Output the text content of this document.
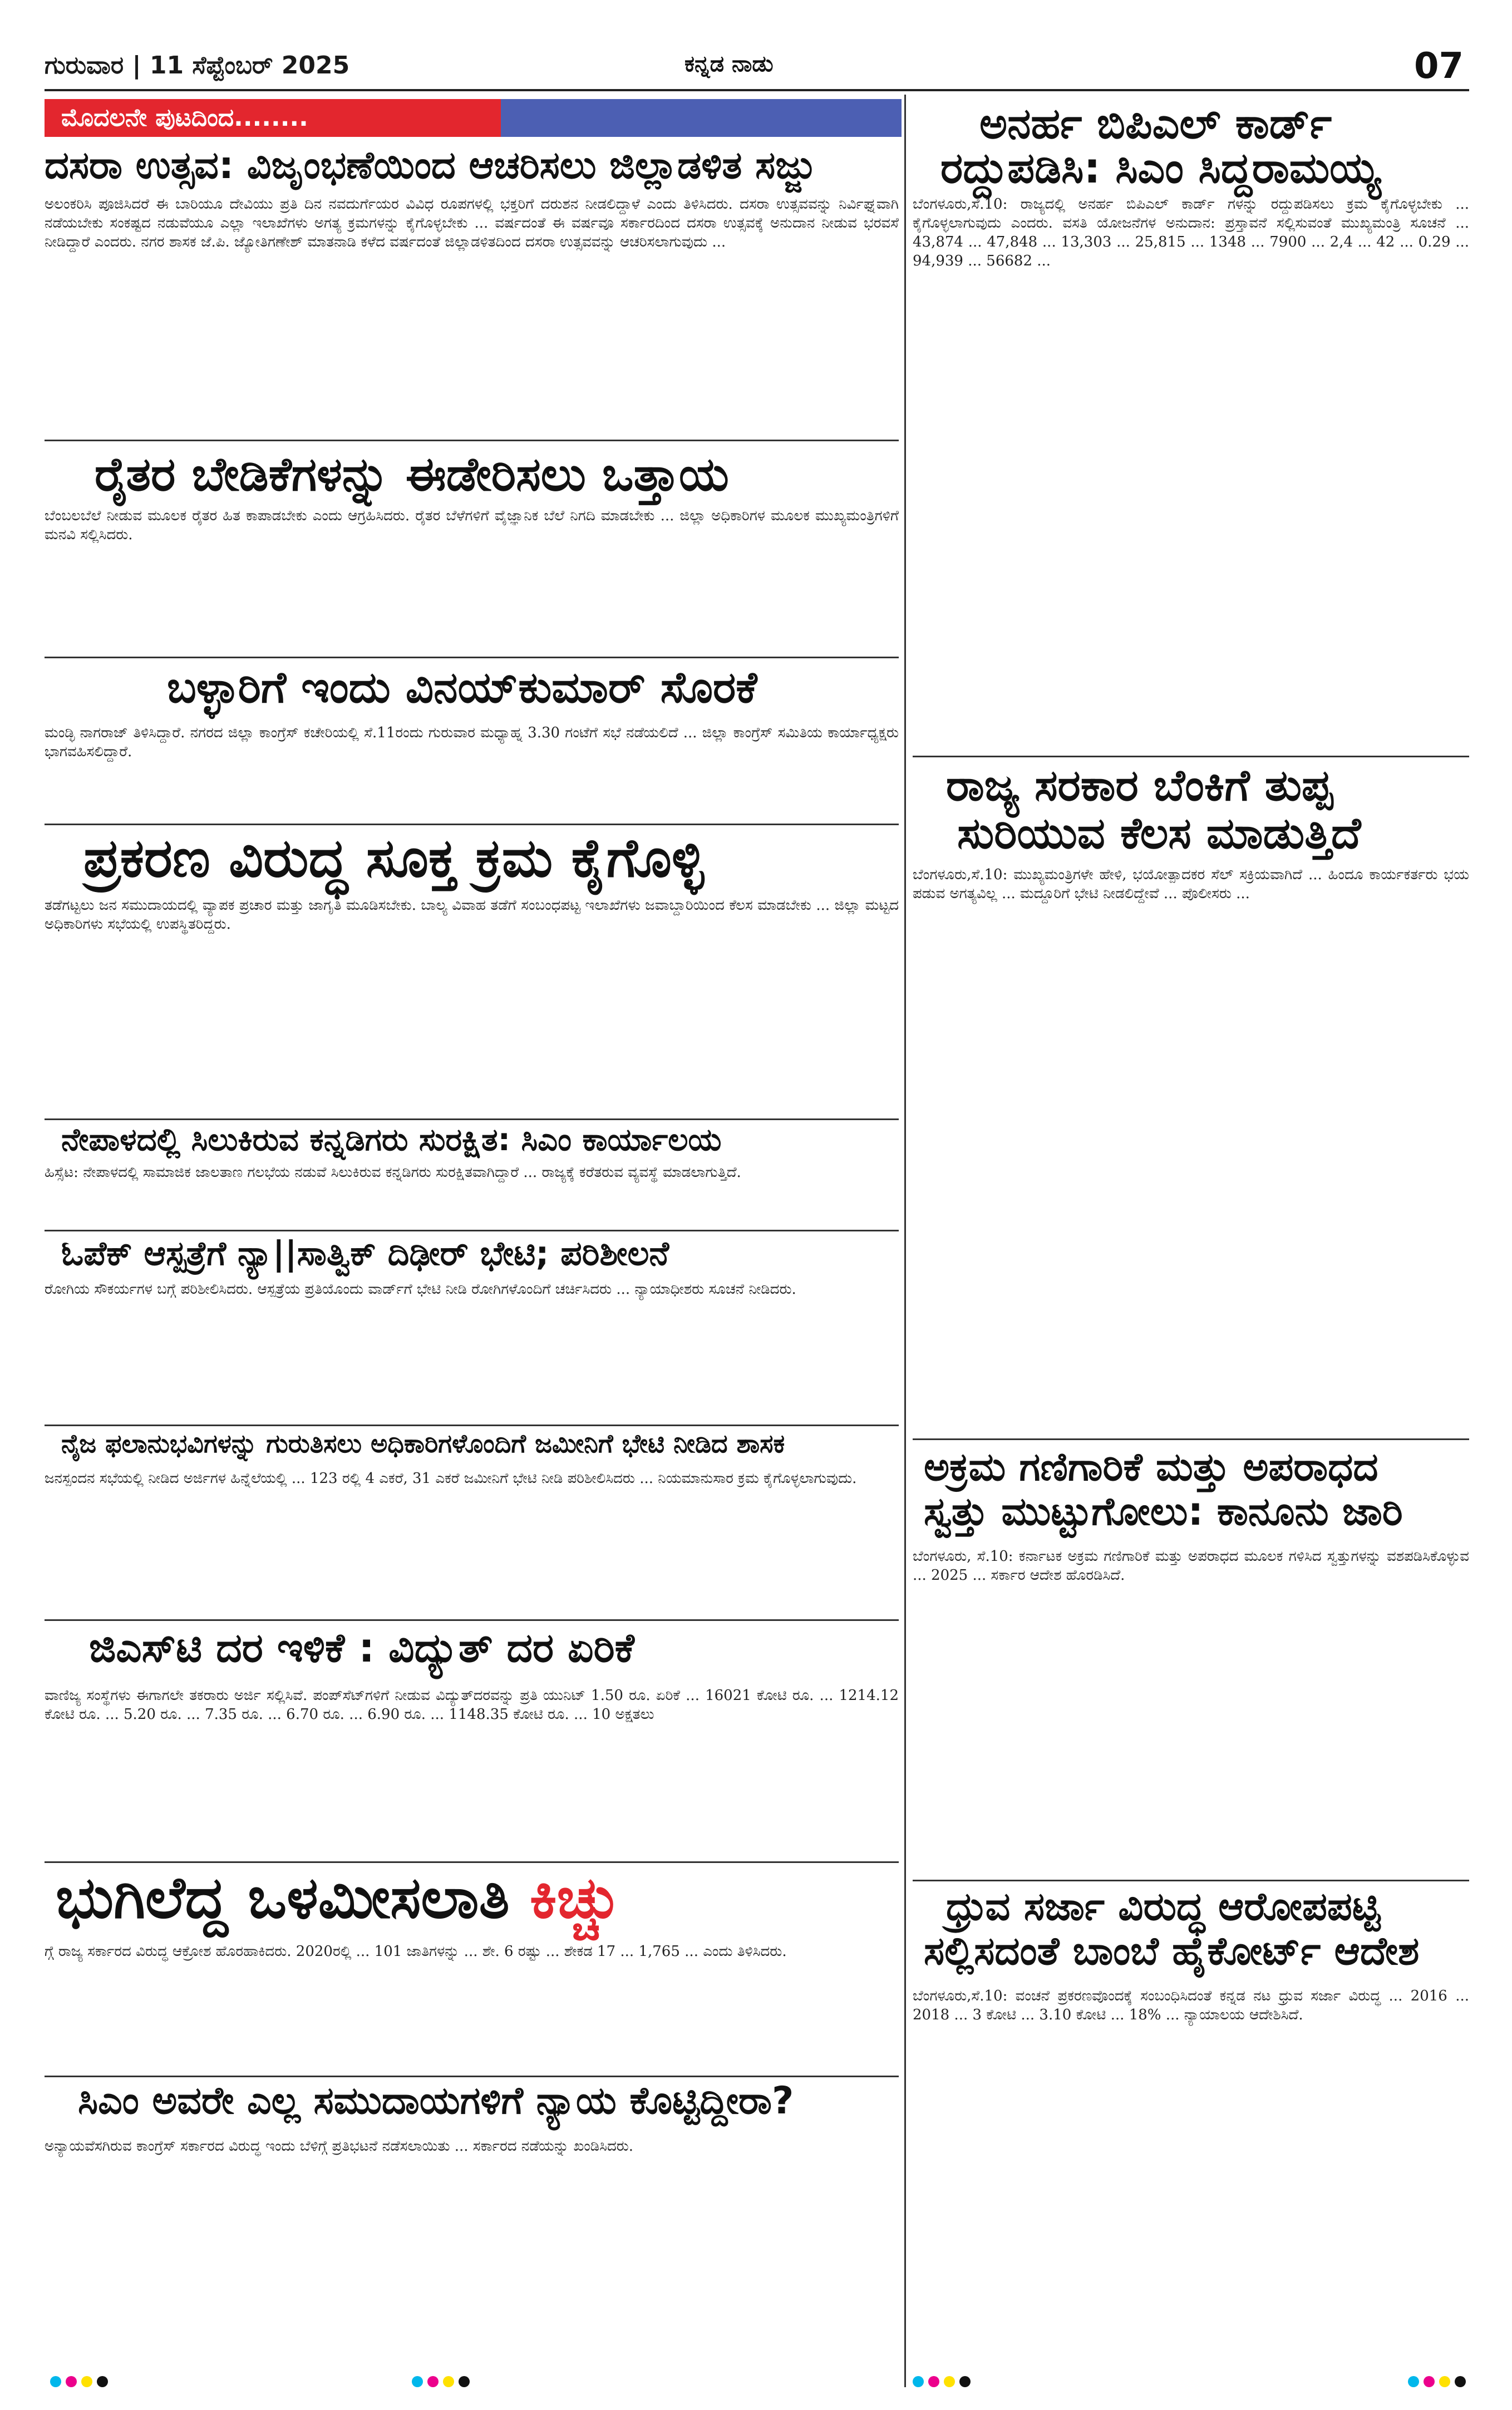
ಗುರುವಾರ | 11 ಸೆಪ್ಟೆಂಬರ್ 2025	ಕನ್ನಡ ನಾಡು	07
ಮೊದಲನೇ ಪುಟದಿಂದ........
ದಸರಾ ಉತ್ಸವ: ವಿಜೃಂಭಣೆಯಿಂದ ಆಚರಿಸಲು ಜಿಲ್ಲಾಡಳಿತ ಸಜ್ಜು
ಅಲಂಕರಿಸಿ ಪೂಜಿಸಿದರೆ ಈ ಬಾರಿಯೂ ದೇವಿಯು ಪ್ರತಿ ದಿನ ನವದುರ್ಗೆಯರ ವಿವಿಧ ರೂಪಗಳಲ್ಲಿ ಭಕ್ತರಿಗೆ ದರುಶನ ನೀಡಲಿದ್ದಾಳೆ ಎಂದು ತಿಳಿಸಿದರು. ದಸರಾ ಉತ್ಸವವನ್ನು ನಿರ್ವಿಘ್ನವಾಗಿ ನಡೆಯಬೇಕು ಸಂಕಷ್ಟದ ನಡುವೆಯೂ ಎಲ್ಲಾ ಇಲಾಖೆಗಳು ಅಗತ್ಯ ಕ್ರಮಗಳನ್ನು ಕೈಗೊಳ್ಳಬೇಕು ... ವರ್ಷದಂತೆ ಈ ವರ್ಷವೂ ಸರ್ಕಾರದಿಂದ ದಸರಾ ಉತ್ಸವಕ್ಕೆ ಅನುದಾನ ನೀಡುವ ಭರವಸೆ ನೀಡಿದ್ದಾರೆ ಎಂದರು. ನಗರ ಶಾಸಕ ಜೆ.ಪಿ. ಜ್ಯೋತಿಗಣೇಶ್ ಮಾತನಾಡಿ ಕಳೆದ ವರ್ಷದಂತೆ ಜಿಲ್ಲಾಡಳಿತದಿಂದ ದಸರಾ ಉತ್ಸವವನ್ನು ಆಚರಿಸಲಾಗುವುದು ...
ರೈತರ ಬೇಡಿಕೆಗಳನ್ನು ಈಡೇರಿಸಲು ಒತ್ತಾಯ
ಬೆಂಬಲಬೆಲೆ ನೀಡುವ ಮೂಲಕ ರೈತರ ಹಿತ ಕಾಪಾಡಬೇಕು ಎಂದು ಆಗ್ರಹಿಸಿದರು. ರೈತರ ಬೆಳೆಗಳಿಗೆ ವೈಜ್ಞಾನಿಕ ಬೆಲೆ ನಿಗದಿ ಮಾಡಬೇಕು ... ಜಿಲ್ಲಾ ಅಧಿಕಾರಿಗಳ ಮೂಲಕ ಮುಖ್ಯಮಂತ್ರಿಗಳಿಗೆ ಮನವಿ ಸಲ್ಲಿಸಿದರು.
ಬಳ್ಳಾರಿಗೆ ಇಂದು ವಿನಯ್‌ಕುಮಾರ್ ಸೊರಕೆ
ಮಂಡ್ಳಿ ನಾಗರಾಜ್ ತಿಳಿಸಿದ್ದಾರೆ. ನಗರದ ಜಿಲ್ಲಾ ಕಾಂಗ್ರೆಸ್ ಕಚೇರಿಯಲ್ಲಿ ಸೆ.11ರಂದು ಗುರುವಾರ ಮಧ್ಯಾಹ್ನ 3.30 ಗಂಟೆಗೆ ಸಭೆ ನಡೆಯಲಿದೆ ... ಜಿಲ್ಲಾ ಕಾಂಗ್ರೆಸ್ ಸಮಿತಿಯ ಕಾರ್ಯಾಧ್ಯಕ್ಷರು ಭಾಗವಹಿಸಲಿದ್ದಾರೆ.
ಪ್ರಕರಣ ವಿರುದ್ಧ ಸೂಕ್ತ ಕ್ರಮ ಕೈಗೊಳ್ಳಿ
ತಡೆಗಟ್ಟಲು ಜನ ಸಮುದಾಯದಲ್ಲಿ ವ್ಯಾಪಕ ಪ್ರಚಾರ ಮತ್ತು ಜಾಗೃತಿ ಮೂಡಿಸಬೇಕು. ಬಾಲ್ಯ ವಿವಾಹ ತಡೆಗೆ ಸಂಬಂಧಪಟ್ಟ ಇಲಾಖೆಗಳು ಜವಾಬ್ದಾರಿಯಿಂದ ಕೆಲಸ ಮಾಡಬೇಕು ... ಜಿಲ್ಲಾ ಮಟ್ಟದ ಅಧಿಕಾರಿಗಳು ಸಭೆಯಲ್ಲಿ ಉಪಸ್ಥಿತರಿದ್ದರು.
ನೇಪಾಳದಲ್ಲಿ ಸಿಲುಕಿರುವ ಕನ್ನಡಿಗರು ಸುರಕ್ಷಿತ: ಸಿಎಂ ಕಾರ್ಯಾಲಯ
ಹಿಸ್ಸೆಟ: ನೇಪಾಳದಲ್ಲಿ ಸಾಮಾಜಿಕ ಜಾಲತಾಣ ಗಲಭೆಯ ನಡುವೆ ಸಿಲುಕಿರುವ ಕನ್ನಡಿಗರು ಸುರಕ್ಷಿತವಾಗಿದ್ದಾರೆ ... ರಾಜ್ಯಕ್ಕೆ ಕರೆತರುವ ವ್ಯವಸ್ಥೆ ಮಾಡಲಾಗುತ್ತಿದೆ.
ಓಪೆಕ್ ಆಸ್ಪತ್ರೆಗೆ ನ್ಯಾ||ಸಾತ್ವಿಕ್ ದಿಢೀರ್ ಭೇಟಿ; ಪರಿಶೀಲನೆ
ರೋಗಿಯ ಸೌಕರ್ಯಗಳ ಬಗ್ಗೆ ಪರಿಶೀಲಿಸಿದರು. ಆಸ್ಪತ್ರೆಯ ಪ್ರತಿಯೊಂದು ವಾರ್ಡ್‌ಗೆ ಭೇಟಿ ನೀಡಿ ರೋಗಿಗಳೊಂದಿಗೆ ಚರ್ಚಿಸಿದರು ... ನ್ಯಾಯಾಧೀಶರು ಸೂಚನೆ ನೀಡಿದರು.
ನೈಜ ಫಲಾನುಭವಿಗಳನ್ನು ಗುರುತಿಸಲು ಅಧಿಕಾರಿಗಳೊಂದಿಗೆ ಜಮೀನಿಗೆ ಭೇಟಿ ನೀಡಿದ ಶಾಸಕ
ಜನಸ್ಪಂದನ ಸಭೆಯಲ್ಲಿ ನೀಡಿದ ಅರ್ಜಿಗಳ ಹಿನ್ನೆಲೆಯಲ್ಲಿ ... 123 ರಲ್ಲಿ 4 ಎಕರೆ, 31 ಎಕರೆ ಜಮೀನಿಗೆ ಭೇಟಿ ನೀಡಿ ಪರಿಶೀಲಿಸಿದರು ... ನಿಯಮಾನುಸಾರ ಕ್ರಮ ಕೈಗೊಳ್ಳಲಾಗುವುದು.
ಜಿಎಸ್‌ಟಿ ದರ ಇಳಿಕೆ : ವಿದ್ಯುತ್ ದರ ಏರಿಕೆ
ವಾಣಿಜ್ಯ ಸಂಸ್ಥೆಗಳು ಈಗಾಗಲೇ ತಕರಾರು ಅರ್ಜಿ ಸಲ್ಲಿಸಿವೆ. ಪಂಪ್‌ಸೆಟ್‌ಗಳಿಗೆ ನೀಡುವ ವಿದ್ಯುತ್‌ದರವನ್ನು ಪ್ರತಿ ಯುನಿಟ್ 1.50 ರೂ. ಏರಿಕೆ ... 16021 ಕೋಟಿ ರೂ. ... 1214.12 ಕೋಟಿ ರೂ. ... 5.20 ರೂ. ... 7.35 ರೂ. ... 6.70 ರೂ. ... 6.90 ರೂ. ... 1148.35 ಕೋಟಿ ರೂ. ... 10 ಅಕ್ಷತಲು
ಭುಗಿಲೆದ್ದ ಒಳಮೀಸಲಾತಿ ಕಿಚ್ಚು
ಗ್ಗೆ ರಾಜ್ಯ ಸರ್ಕಾರದ ವಿರುದ್ಧ ಆಕ್ರೋಶ ಹೊರಹಾಕಿದರು. 2020ರಲ್ಲಿ ... 101 ಜಾತಿಗಳನ್ನು ... ಶೇ. 6 ರಷ್ಟು ... ಶೇಕಡ 17 ... 1,765 ... ಎಂದು ತಿಳಿಸಿದರು.
ಸಿಎಂ ಅವರೇ ಎಲ್ಲ ಸಮುದಾಯಗಳಿಗೆ ನ್ಯಾಯ ಕೊಟ್ಟಿದ್ದೀರಾ?
ಅನ್ಯಾಯವೆಸಗಿರುವ ಕಾಂಗ್ರೆಸ್ ಸರ್ಕಾರದ ವಿರುದ್ಧ ಇಂದು ಬೆಳಿಗ್ಗೆ ಪ್ರತಿಭಟನೆ ನಡೆಸಲಾಯಿತು ... ಸರ್ಕಾರದ ನಡೆಯನ್ನು ಖಂಡಿಸಿದರು.
ಅನರ್ಹ ಬಿಪಿಎಲ್ ಕಾರ್ಡ್
ರದ್ದುಪಡಿಸಿ: ಸಿಎಂ ಸಿದ್ದರಾಮಯ್ಯ
ಬೆಂಗಳೂರು,ಸೆ.10: ರಾಜ್ಯದಲ್ಲಿ ಅನರ್ಹ ಬಿಪಿಎಲ್ ಕಾರ್ಡ್ ಗಳನ್ನು ರದ್ದುಪಡಿಸಲು ಕ್ರಮ ಕೈಗೊಳ್ಳಬೇಕು ... ಕೈಗೊಳ್ಳಲಾಗುವುದು ಎಂದರು. ವಸತಿ ಯೋಜನೆಗಳ ಅನುದಾನ: ಪ್ರಸ್ತಾವನೆ ಸಲ್ಲಿಸುವಂತೆ ಮುಖ್ಯಮಂತ್ರಿ ಸೂಚನೆ ... 43,874 ... 47,848 ... 13,303 ... 25,815 ... 1348 ... 7900 ... 2,4 ... 42 ... 0.29 ... 94,939 ... 56682 ...
ರಾಜ್ಯ ಸರಕಾರ ಬೆಂಕಿಗೆ ತುಪ್ಪ
ಸುರಿಯುವ ಕೆಲಸ ಮಾಡುತ್ತಿದೆ
ಬೆಂಗಳೂರು,ಸೆ.10: ಮುಖ್ಯಮಂತ್ರಿಗಳೇ ಹೇಳಿ, ಭಯೋತ್ಪಾದಕರ ಸೆಲ್ ಸಕ್ರಿಯವಾಗಿದೆ ... ಹಿಂದೂ ಕಾರ್ಯಕರ್ತರು ಭಯ ಪಡುವ ಅಗತ್ಯವಿಲ್ಲ ... ಮದ್ದೂರಿಗೆ ಭೇಟಿ ನೀಡಲಿದ್ದೇವೆ ... ಪೊಲೀಸರು ...
ಅಕ್ರಮ ಗಣಿಗಾರಿಕೆ ಮತ್ತು ಅಪರಾಧದ
ಸ್ವತ್ತು ಮುಟ್ಟುಗೋಲು: ಕಾನೂನು ಜಾರಿ
ಬೆಂಗಳೂರು, ಸೆ.10: ಕರ್ನಾಟಕ ಅಕ್ರಮ ಗಣಿಗಾರಿಕೆ ಮತ್ತು ಅಪರಾಧದ ಮೂಲಕ ಗಳಿಸಿದ ಸ್ವತ್ತುಗಳನ್ನು ವಶಪಡಿಸಿಕೊಳ್ಳುವ ... 2025 ... ಸರ್ಕಾರ ಆದೇಶ ಹೊರಡಿಸಿದೆ.
ಧ್ರುವ ಸರ್ಜಾ ವಿರುದ್ಧ ಆರೋಪಪಟ್ಟಿ
ಸಲ್ಲಿಸದಂತೆ ಬಾಂಬೆ ಹೈಕೋರ್ಟ್ ಆದೇಶ
ಬೆಂಗಳೂರು,ಸೆ.10: ವಂಚನೆ ಪ್ರಕರಣವೊಂದಕ್ಕೆ ಸಂಬಂಧಿಸಿದಂತೆ ಕನ್ನಡ ನಟ ಧ್ರುವ ಸರ್ಜಾ ವಿರುದ್ಧ ... 2016 ... 2018 ... 3 ಕೋಟಿ ... 3.10 ಕೋಟಿ ... 18% ... ನ್ಯಾಯಾಲಯ ಆದೇಶಿಸಿದೆ.
